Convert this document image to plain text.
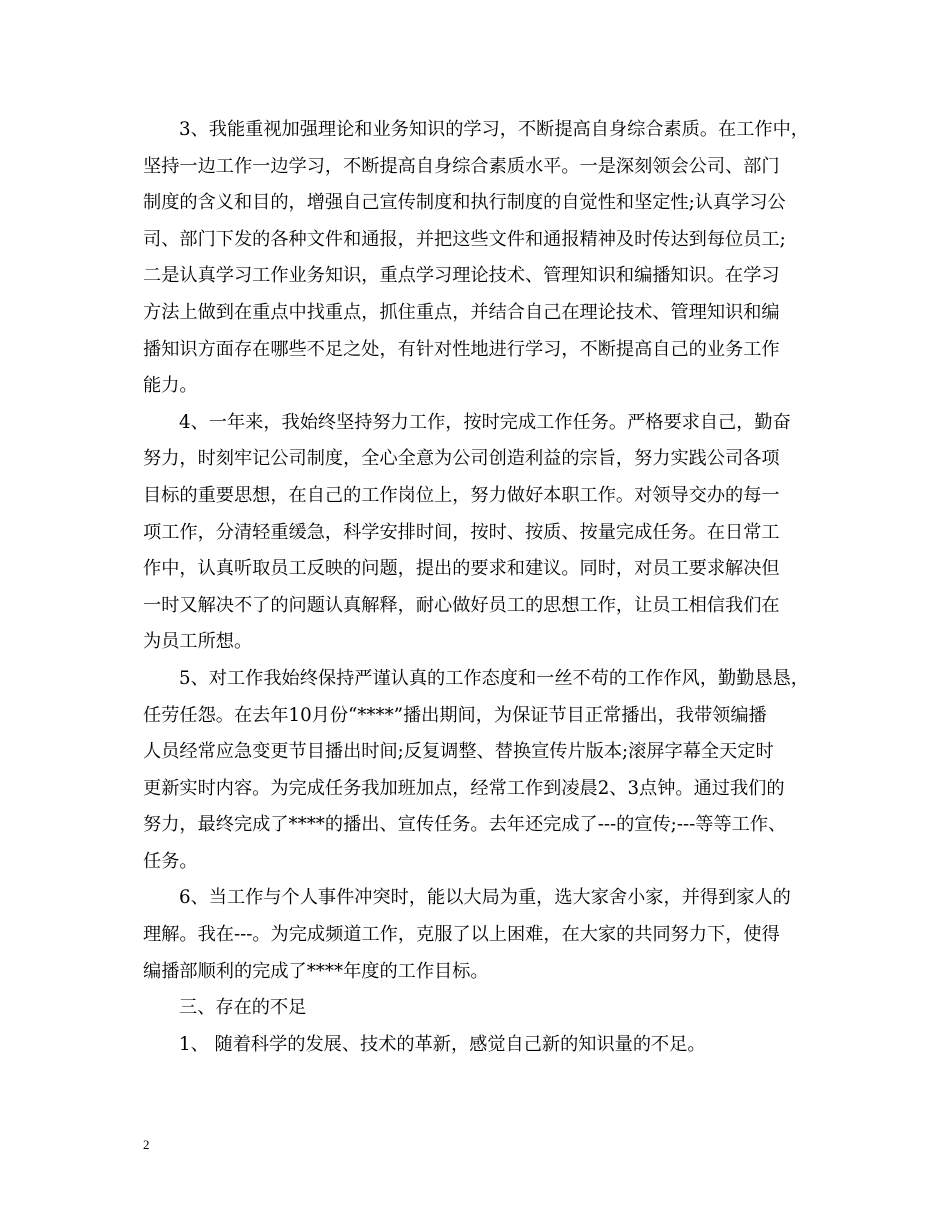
3、我能重视加强理论和业务知识的学习，不断提高自身综合素质。在工作中，
坚持一边工作一边学习，不断提高自身综合素质水平。一是深刻领会公司、部门
制度的含义和目的，增强自己宣传制度和执行制度的自觉性和坚定性;认真学习公
司、部门下发的各种文件和通报，并把这些文件和通报精神及时传达到每位员工;
二是认真学习工作业务知识，重点学习理论技术、管理知识和编播知识。在学习
方法上做到在重点中找重点，抓住重点，并结合自己在理论技术、管理知识和编
播知识方面存在哪些不足之处，有针对性地进行学习，不断提高自己的业务工作
能力。

4、一年来，我始终坚持努力工作，按时完成工作任务。严格要求自己，勤奋
努力，时刻牢记公司制度，全心全意为公司创造利益的宗旨，努力实践公司各项
目标的重要思想，在自己的工作岗位上，努力做好本职工作。对领导交办的每一
项工作，分清轻重缓急，科学安排时间，按时、按质、按量完成任务。在日常工
作中，认真听取员工反映的问题，提出的要求和建议。同时，对员工要求解决但
一时又解决不了的问题认真解释，耐心做好员工的思想工作，让员工相信我们在
为员工所想。

5、对工作我始终保持严谨认真的工作态度和一丝不苟的工作作风，勤勤恳恳，
任劳任怨。在去年10月份“****”播出期间，为保证节目正常播出，我带领编播
人员经常应急变更节目播出时间;反复调整、替换宣传片版本;滚屏字幕全天定时
更新实时内容。为完成任务我加班加点，经常工作到凌晨2、3点钟。通过我们的
努力，最终完成了****的播出、宣传任务。去年还完成了---的宣传;---等等工作、
任务。

6、当工作与个人事件冲突时，能以大局为重，选大家舍小家，并得到家人的
理解。我在---。为完成频道工作，克服了以上困难，在大家的共同努力下，使得
编播部顺利的完成了****年度的工作目标。

三、存在的不足

1、 随着科学的发展、技术的革新，感觉自己新的知识量的不足。

2
